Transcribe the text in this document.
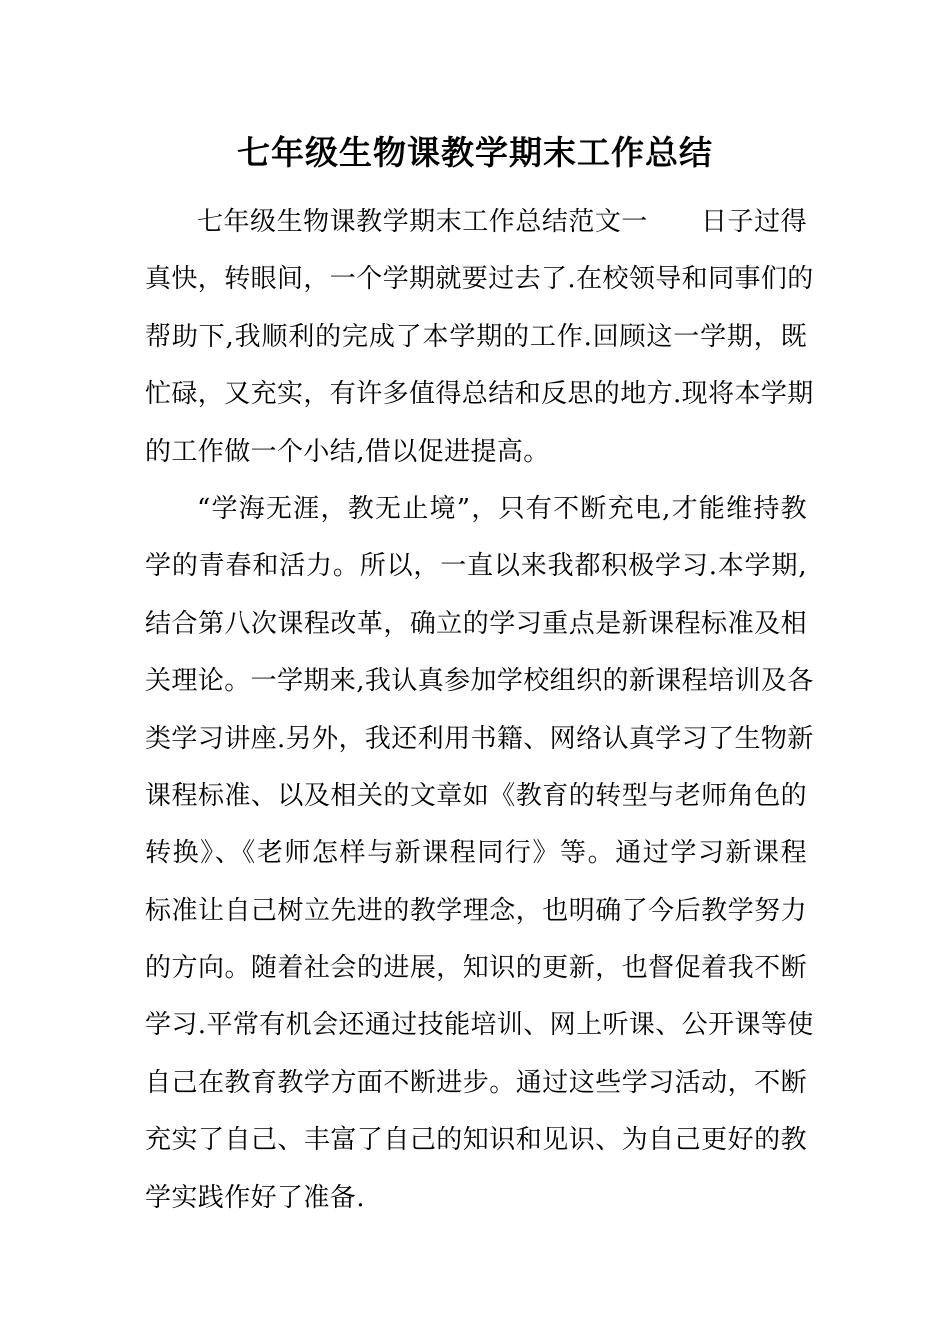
七年级生物课教学期末工作总结
七年级生物课教学期末工作总结范文一　　日子过得
真快，转眼间，一个学期就要过去了.在校领导和同事们的
帮助下,我顺利的完成了本学期的工作.回顾这一学期，既
忙碌，又充实，有许多值得总结和反思的地方.现将本学期
的工作做一个小结,借以促进提高。
“学海无涯，教无止境”，只有不断充电,才能维持教
学的青春和活力。所以，一直以来我都积极学习.本学期,
结合第八次课程改革，确立的学习重点是新课程标准及相
关理论。一学期来,我认真参加学校组织的新课程培训及各
类学习讲座.另外，我还利用书籍、网络认真学习了生物新
课程标准、以及相关的文章如《教育的转型与老师角色的
转换》、《老师怎样与新课程同行》等。通过学习新课程
标准让自己树立先进的教学理念，也明确了今后教学努力
的方向。随着社会的进展，知识的更新，也督促着我不断
学习.平常有机会还通过技能培训、网上听课、公开课等使
自己在教育教学方面不断进步。通过这些学习活动，不断
充实了自己、丰富了自己的知识和见识、为自己更好的教
学实践作好了准备.
